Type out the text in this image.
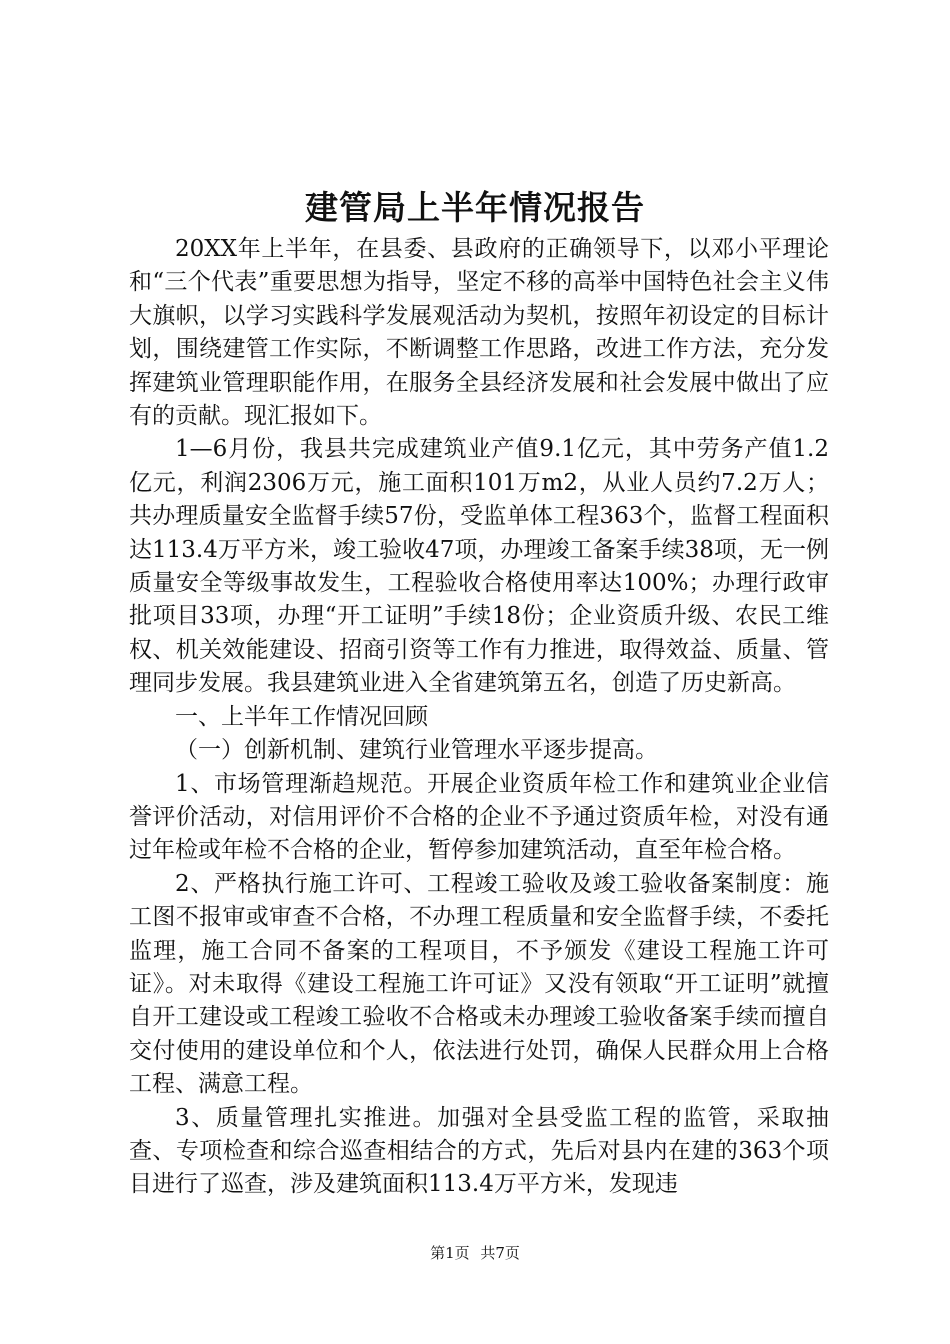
建管局上半年情况报告

20XX年上半年，在县委、县政府的正确领导下，以邓小平理论和“三个代表”重要思想为指导，坚定不移的高举中国特色社会主义伟大旗帜，以学习实践科学发展观活动为契机，按照年初设定的目标计划，围绕建管工作实际，不断调整工作思路，改进工作方法，充分发挥建筑业管理职能作用，在服务全县经济发展和社会发展中做出了应有的贡献。现汇报如下。

1—6月份，我县共完成建筑业产值9.1亿元，其中劳务产值1.2亿元，利润2306万元，施工面积101万m2，从业人员约7.2万人；共办理质量安全监督手续57份，受监单体工程363个，监督工程面积达113.4万平方米，竣工验收47项，办理竣工备案手续38项，无一例质量安全等级事故发生，工程验收合格使用率达100%；办理行政审批项目33项，办理“开工证明”手续18份；企业资质升级、农民工维权、机关效能建设、招商引资等工作有力推进，取得效益、质量、管理同步发展。我县建筑业进入全省建筑第五名，创造了历史新高。

一、上半年工作情况回顾

（一）创新机制、建筑行业管理水平逐步提高。

1、市场管理渐趋规范。开展企业资质年检工作和建筑业企业信誉评价活动，对信用评价不合格的企业不予通过资质年检，对没有通过年检或年检不合格的企业，暂停参加建筑活动，直至年检合格。

2、严格执行施工许可、工程竣工验收及竣工验收备案制度：施工图不报审或审查不合格，不办理工程质量和安全监督手续，不委托监理，施工合同不备案的工程项目，不予颁发《建设工程施工许可证》。对未取得《建设工程施工许可证》又没有领取“开工证明”就擅自开工建设或工程竣工验收不合格或未办理竣工验收备案手续而擅自交付使用的建设单位和个人，依法进行处罚，确保人民群众用上合格工程、满意工程。

3、质量管理扎实推进。加强对全县受监工程的监管，采取抽查、专项检查和综合巡查相结合的方式，先后对县内在建的363个项目进行了巡查，涉及建筑面积113.4万平方米，发现违

第1页 共7页
